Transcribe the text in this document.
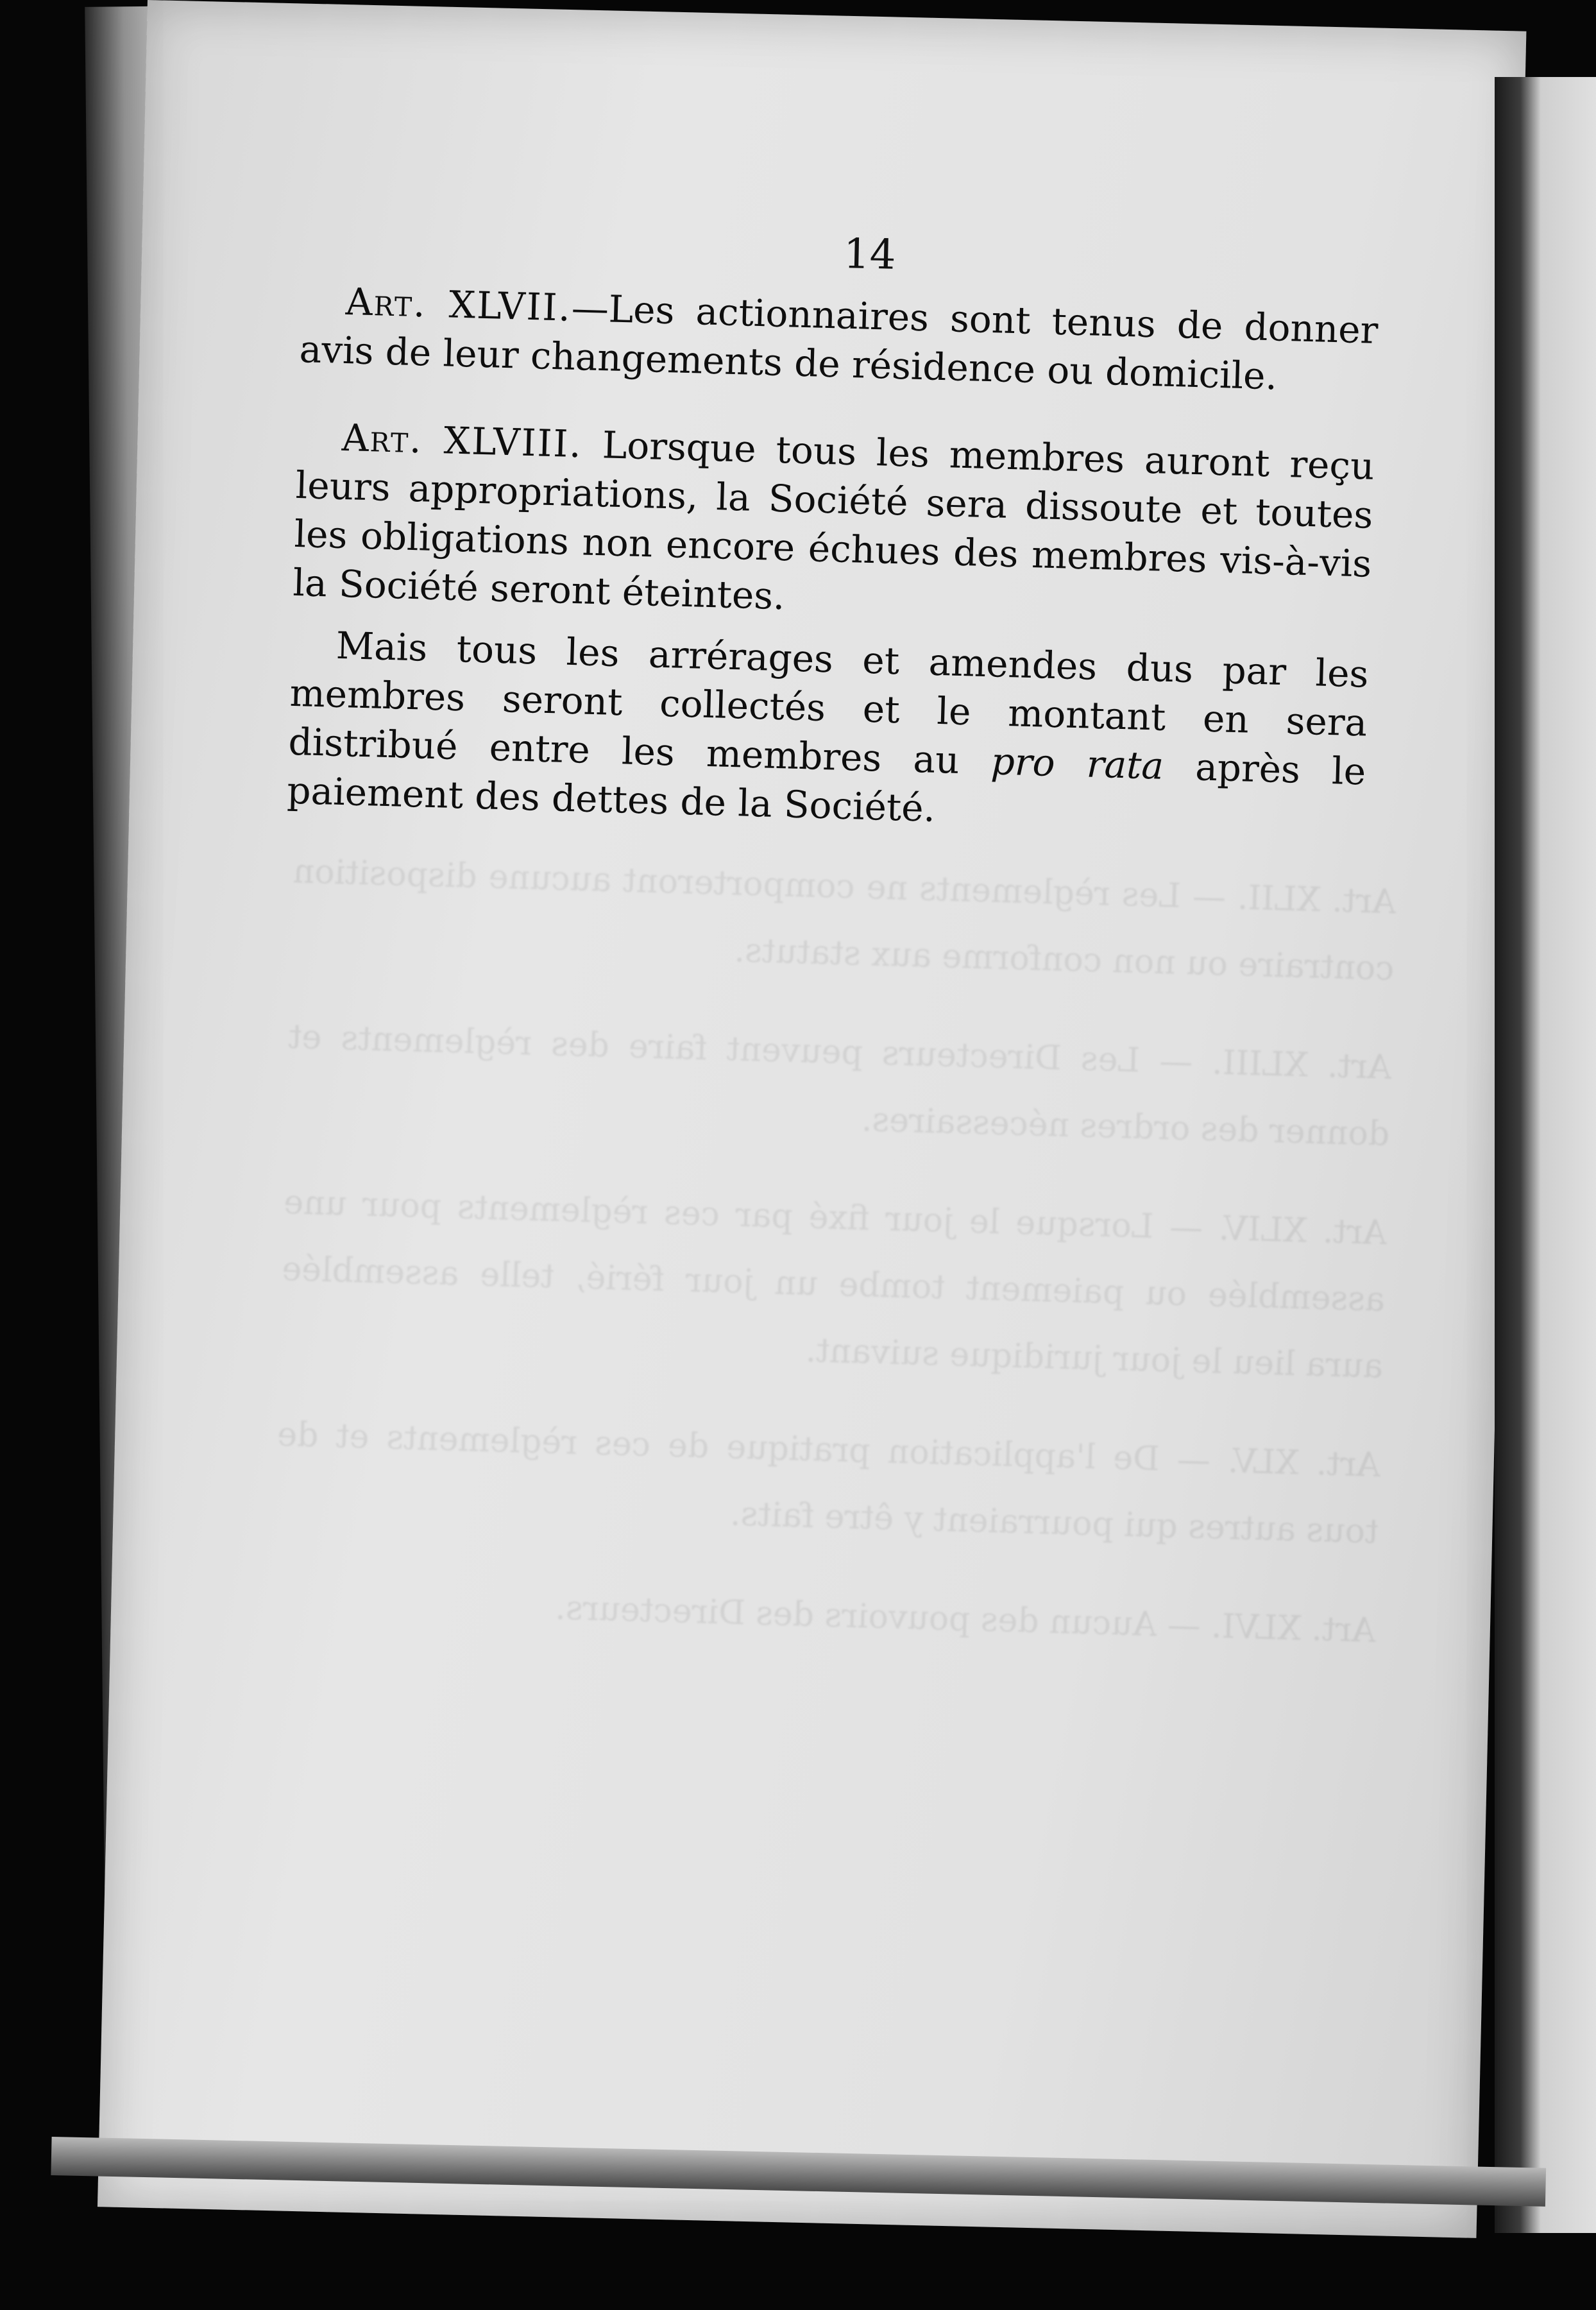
Art. XLII. — Les règlements ne comporteront aucune disposition contraire ou non conforme aux statuts.

Art. XLIII. — Les Directeurs peuvent faire des règlements et donner des ordres nécessaires.

Art. XLIV. — Lorsque le jour fixé par ces règlements pour une assemblée ou paiement tombe un jour férié, telle assemblée aura lieu le jour juridique suivant.

Art. XLV. — De l'application pratique de ces règlements et de tous autres qui pourraient y être faits.

Art. XLVI. — Aucun des pouvoirs des Directeurs.

14

Art. XLVII.—Les actionnaires sont tenus de donner avis de leur changements de résidence ou domicile.

Art. XLVIII. Lorsque tous les membres auront reçu leurs appropriations, la Société sera dissoute et toutes les obligations non encore échues des membres vis-à-vis la Société seront éteintes.

Mais tous les arrérages et amendes dus par les membres seront collectés et le montant en sera distribué entre les membres au pro rata après le paiement des dettes de la Société.
